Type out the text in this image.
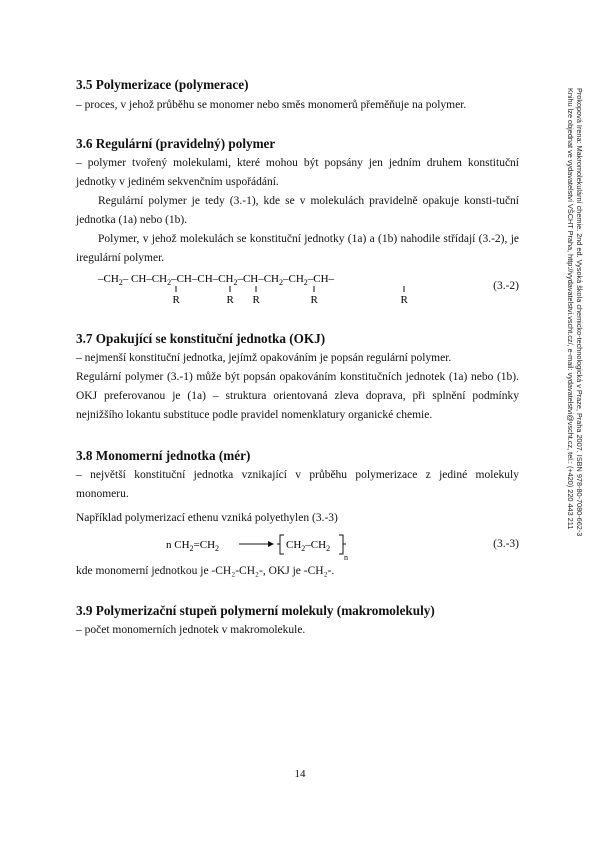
3.5 Polymerizace (polymerace)

– proces, v jehož průběhu se monomer nebo směs monomerů přeměňuje na polymer.

3.6 Regulární (pravidelný) polymer

– polymer tvořený molekulami, které mohou být popsány jen jedním druhem konstituční jednotky v jediném sekvenčním uspořádání.

Regulární polymer je tedy (3.-1), kde se v molekulách pravidelně opakuje konsti-tuční jednotka (1a) nebo (1b).

Polymer, v jehož molekulách se konstituční jednotky (1a) a (1b) nahodile střídají (3.-2), je iregulární polymer.

$-CH_2-$ $CH-CH_2-CH-CH-CH_2-CH-CH_2-CH_2-CH-$
R	R R	R	R
(3.-2)
3.7 Opakující se konstituční jednotka (OKJ)

– nejmenší konstituční jednotka, jejímž opakováním je popsán regulární polymer.

Regulární polymer (3.-1) může být popsán opakováním konstitučních jednotek (1a) nebo (1b). OKJ preferovanou je (1a) – struktura orientovaná zleva doprava, při splnění podmínky nejnižšího lokantu substituce podle pravidel nomenklatury organické chemie.

3.8 Monomerní jednotka (mér)

– největší konstituční jednotka vznikající v průběhu polymerizace z jediné molekuly monomeru.

Například polymerizací ethenu vzniká polyethylen (3.-3)

n $CH_2=CH_2$	$CH_2-CH_2$
n
(3.-3)

kde monomerní jednotkou je -CH₂-CH₂-, OKJ je -CH₂-.

3.9 Polymerizační stupeň polymerní molekuly (makromolekuly)

– počet monomerních jednotek v makromolekule.

14
Prokopová Irena: Makromolekulární chemie. 2nd ed. Vysoká škola chemicko-technologická v Praze, Praha 2007. ISBN 978-80-7080-662-3
Knihu lze objednat ve vydavatelství VŠCHT Praha, http://vydavatelstvi.vscht.cz/, e-mail: vydavatelstvi@vscht.cz, tel.: (+420) 220 443 211
